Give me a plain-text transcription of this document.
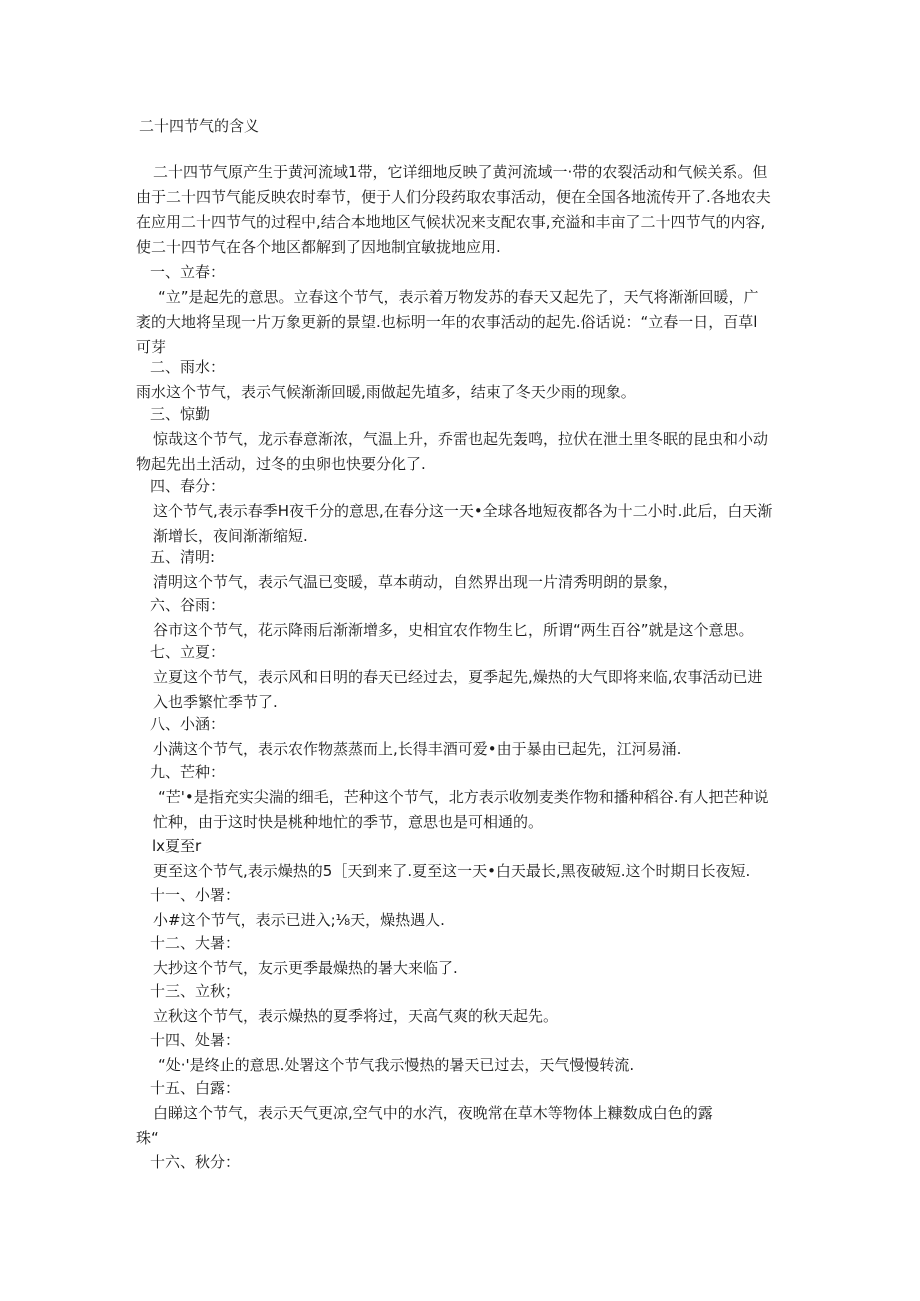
二十四节气的含义

二十四节气原产生于黄河流域1带，它详细地反映了黄河流域一·带的农裂活动和气候关系。但

由于二十四节气能反映农时奉节，便于人们分段药取农事活动，便在全国各地流传开了.各地农夫

在应用二十四节气的过程中,结合本地地区气候状况来支配农事,充溢和丰亩了二十四节气的内容,

使二十四节气在各个地区都解到了因地制宜敏拢地应用.

一、立春：

“立”是起先的意思。立春这个节气，表示着万物发苏的春天又起先了，天气将渐渐回暖，广

袤的大地将呈现一片万象更新的景望.也标明一年的农事活动的起先.俗话说：“立春一日，百草l

可芽

二、雨水：

雨水这个节气，表示气候渐渐回暖,雨做起先埴多，结束了冬天少雨的现象。

三、惊勤

惊哉这个节气，龙示春意渐浓，气温上升，乔雷也起先轰鸣，拉伏在泄土里冬眠的昆虫和小动

物起先出土活动，过冬的虫卵也快要分化了.

四、春分：

这个节气,表示春季H夜千分的意思,在春分这一天•全球各地短夜都各为十二小时.此后，白天渐

渐增长，夜间渐渐缩短.

五、清明:

清明这个节气，表示气温已变暖，草本萌动，自然界出现一片清秀明朗的景象，

六、谷雨：

谷市这个节气，花示降雨后渐渐增多，史相宜农作物生匕，所谓“两生百谷”就是这个意思。

七、立夏：

立夏这个节气，表示风和日明的春天已经过去，夏季起先,燥热的大气即将来临,农事活动已进

入也季繁忙季节了.

八、小涵：

小满这个节气，表示农作物蒸蒸而上,长得丰酒可爱•由于暴由已起先，江河易涌.

九、芒种：

“芒'•是指充实尖湍的细毛，芒种这个节气，北方表示收刎麦类作物和播种稻谷.有人把芒种说

忙种，由于这时快是桃种地忙的季节，意思也是可相通的。

lx夏至r

更至这个节气,表示燥热的5［天到来了.夏至这一天•白天最长,黑夜破短.这个时期日长夜短.

十一、小署：

小#这个节气，表示已进入;⅛天，燥热遇人.

十二、大暑：

大抄这个节气，友示更季最燥热的暑大来临了.

十三、立秋；

立秋这个节气，表示燥热的夏季将过，天高气爽的秋天起先。

十四、处暑：

“处·'是终止的意思.处署这个节气我示慢热的暑天已过去，天气慢慢转流.

十五、白露：

白睇这个节气，表示天气更凉,空气中的水汽，夜晚常在草木等物体上糠数成白色的露

珠“

十六、秋分：
